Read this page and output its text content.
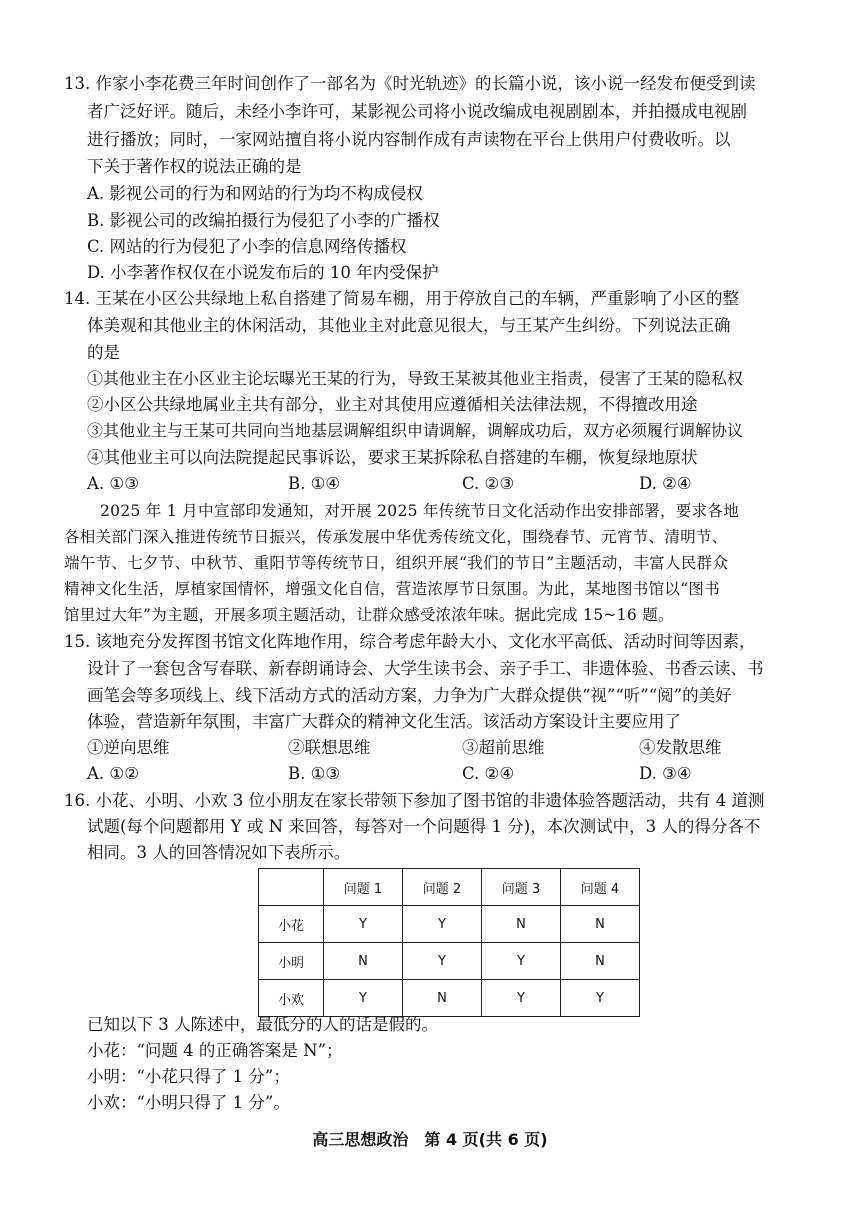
13. 作家小李花费三年时间创作了一部名为《时光轨迹》的长篇小说，该小说一经发布便受到读
者广泛好评。随后，未经小李许可，某影视公司将小说改编成电视剧剧本，并拍摄成电视剧
进行播放；同时，一家网站擅自将小说内容制作成有声读物在平台上供用户付费收听。以
下关于著作权的说法正确的是
A. 影视公司的行为和网站的行为均不构成侵权
B. 影视公司的改编拍摄行为侵犯了小李的广播权
C. 网站的行为侵犯了小李的信息网络传播权
D. 小李著作权仅在小说发布后的 10 年内受保护
14. 王某在小区公共绿地上私自搭建了简易车棚，用于停放自己的车辆，严重影响了小区的整
体美观和其他业主的休闲活动，其他业主对此意见很大，与王某产生纠纷。下列说法正确
的是
①其他业主在小区业主论坛曝光王某的行为，导致王某被其他业主指责，侵害了王某的隐私权
②小区公共绿地属业主共有部分，业主对其使用应遵循相关法律法规，不得擅改用途
③其他业主与王某可共同向当地基层调解组织申请调解，调解成功后，双方必须履行调解协议
④其他业主可以向法院提起民事诉讼，要求王某拆除私自搭建的车棚，恢复绿地原状
A. ①③	B. ①④	C. ②③	D. ②④
2025 年 1 月中宣部印发通知，对开展 2025 年传统节日文化活动作出安排部署，要求各地
各相关部门深入推进传统节日振兴，传承发展中华优秀传统文化，围绕春节、元宵节、清明节、
端午节、七夕节、中秋节、重阳节等传统节日，组织开展“我们的节日”主题活动，丰富人民群众
精神文化生活，厚植家国情怀，增强文化自信，营造浓厚节日氛围。为此，某地图书馆以“图书
馆里过大年”为主题，开展多项主题活动，让群众感受浓浓年味。据此完成 15~16 题。
15. 该地充分发挥图书馆文化阵地作用，综合考虑年龄大小、文化水平高低、活动时间等因素，
设计了一套包含写春联、新春朗诵诗会、大学生读书会、亲子手工、非遗体验、书香云读、书
画笔会等多项线上、线下活动方式的活动方案，力争为广大群众提供“视”“听”“阅”的美好
体验，营造新年氛围，丰富广大群众的精神文化生活。该活动方案设计主要应用了
①逆向思维	②联想思维	③超前思维	④发散思维
A. ①②	B. ①③	C. ②④	D. ③④
16. 小花、小明、小欢 3 位小朋友在家长带领下参加了图书馆的非遗体验答题活动，共有 4 道测
试题(每个问题都用 Y 或 N 来回答，每答对一个问题得 1 分)，本次测试中，3 人的得分各不
相同。3 人的回答情况如下表所示。
	问题 1	问题 2	问题 3	问题 4
小花	Y	Y	N	N
小明	N	Y	Y	N
小欢	Y	N	Y	Y
已知以下 3 人陈述中，最低分的人的话是假的。
小花：“问题 4 的正确答案是 N”；
小明：“小花只得了 1 分”；
小欢：“小明只得了 1 分”。
高三思想政治　第 4 页(共 6 页)
